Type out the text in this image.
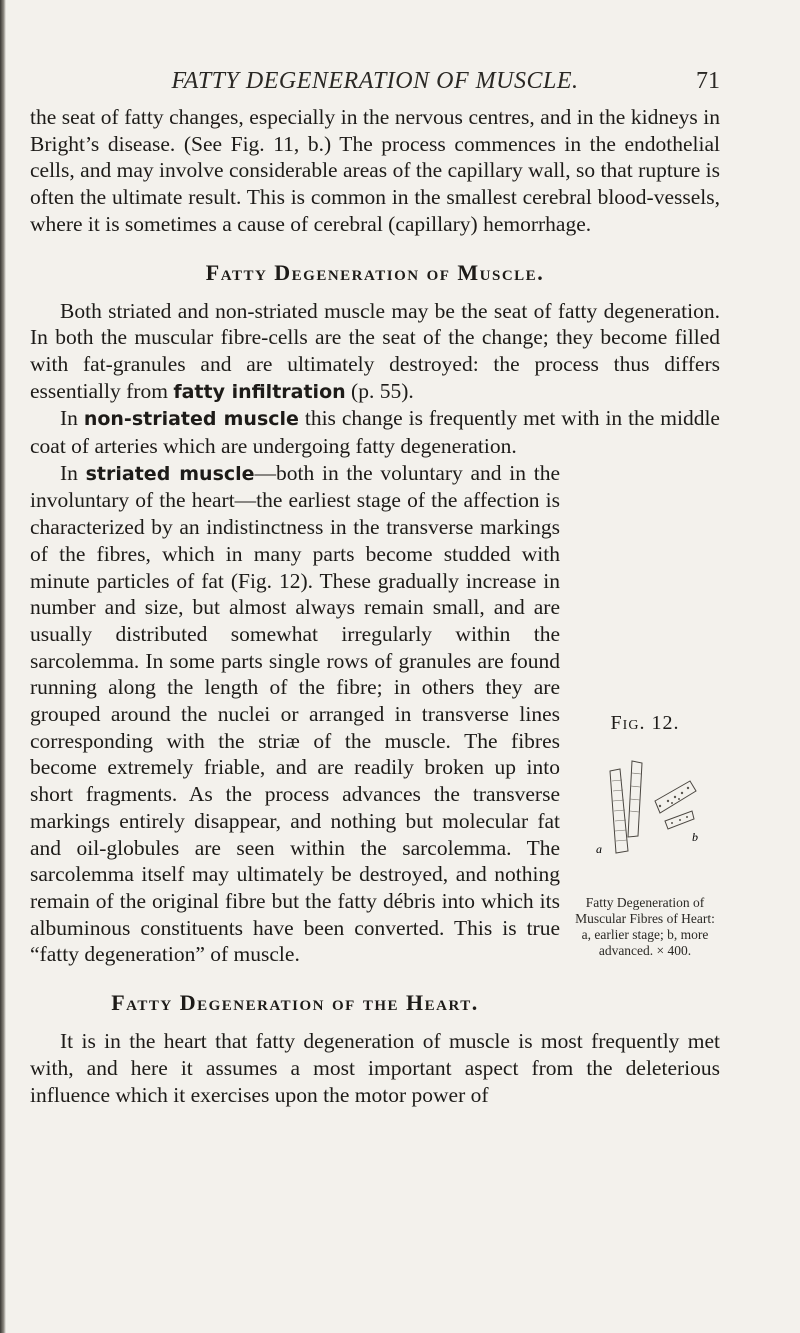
FATTY DEGENERATION OF MUSCLE.	71

the seat of fatty changes, especially in the nervous centres, and in the kidneys in Bright’s disease. (See Fig. 11, b.) The process commences in the endothelial cells, and may involve considerable areas of the capillary wall, so that rupture is often the ultimate result. This is common in the smallest cerebral blood-vessels, where it is sometimes a cause of cerebral (capillary) hemorrhage.

Fatty Degeneration of Muscle.

Both striated and non-striated muscle may be the seat of fatty degeneration. In both the muscular fibre-cells are the seat of the change; they become filled with fat-granules and are ultimately destroyed: the process thus differs essentially from fatty infiltration (p. 55).

In non-striated muscle this change is frequently met with in the middle coat of arteries which are undergoing fatty degeneration.

Fig. 12.
a
b
Fatty Degeneration of Muscular Fibres of Heart: a, earlier stage; b, more advanced. × 400.

In striated muscle—both in the voluntary and in the involuntary of the heart—the earliest stage of the affection is characterized by an indistinctness in the transverse markings of the fibres, which in many parts become studded with minute particles of fat (Fig. 12). These gradually increase in number and size, but almost always remain small, and are usually distributed somewhat irregularly within the sarcolemma. In some parts single rows of granules are found running along the length of the fibre; in others they are grouped around the nuclei or arranged in transverse lines corresponding with the striæ of the muscle. The fibres become extremely friable, and are readily broken up into short fragments. As the process advances the transverse markings entirely disappear, and nothing but molecular fat and oil-globules are seen within the sarcolemma. The sarcolemma itself may ultimately be destroyed, and nothing remain of the original fibre but the fatty débris into which its albuminous constituents have been converted. This is true “fatty degeneration” of muscle.

Fatty Degeneration of the Heart.

It is in the heart that fatty degeneration of muscle is most frequently met with, and here it assumes a most important aspect from the deleterious influence which it exercises upon the motor power of
